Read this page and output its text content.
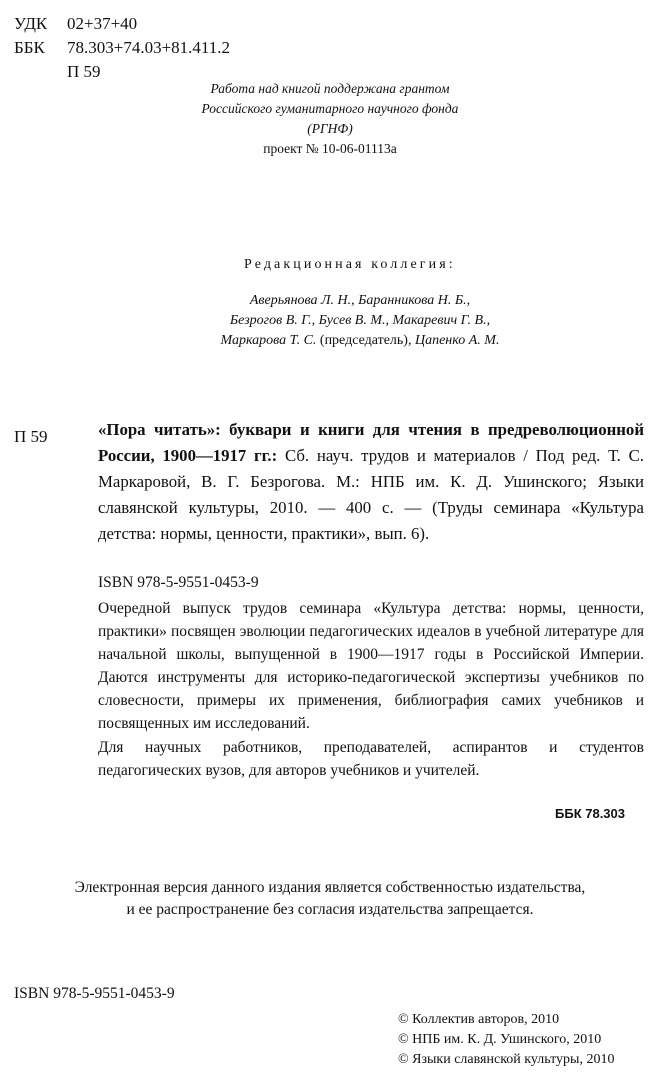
УДК	02+37+40
ББК	78.303+74.03+81.411.2
П 59
Работа над книгой поддержана грантом
Российского гуманитарного научного фонда
(РГНФ)
проект № 10-06-01113а
Редакционная коллегия:
Аверьянова Л. Н., Баранникова Н. Б.,
Безрогов В. Г., Бусев В. М., Макаревич Г. В.,
Маркарова Т. С. (председатель), Цапенко А. М.
П 59	«Пора читать»: буквари и книги для чтения в предреволюционной России, 1900—1917 гг.: Сб. науч. трудов и материалов / Под ред. Т. С. Маркаровой, В. Г. Безрогова. М.: НПБ им. К. Д. Ушинского; Языки славянской культуры, 2010. — 400 с. — (Труды семинара «Культура детства: нормы, ценности, практики», вып. 6).

ISBN 978-5-9551-0453-9

Очередной выпуск трудов семинара «Культура детства: нормы, ценности, практики» посвящен эволюции педагогических идеалов в учебной литературе для начальной школы, выпущенной в 1900—1917 годы в Российской Империи. Даются инструменты для историко-педагогической экспертизы учебников по словесности, примеры их применения, библиография самих учебников и посвященных им исследований.

Для научных работников, преподавателей, аспирантов и студентов педагогических вузов, для авторов учебников и учителей.

ББК 78.303
Электронная версия данного издания является собственностью издательства,
и ее распространение без согласия издательства запрещается.
ISBN 978-5-9551-0453-9
© Коллектив авторов, 2010
© НПБ им. К. Д. Ушинского, 2010
© Языки славянской культуры, 2010
